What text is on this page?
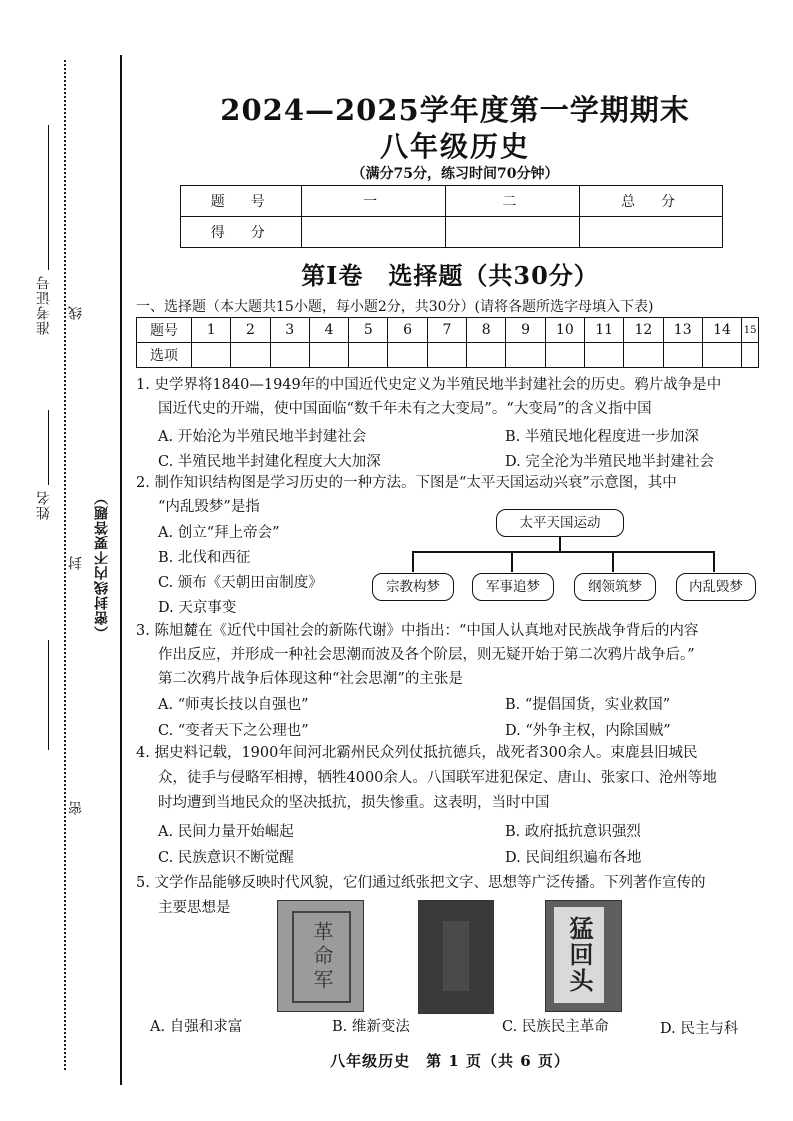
准考证号 线
姓名
封 （密封线内不要答题）
密
2024—2025学年度第一学期期末
八年级历史
（满分75分，练习时间70分钟）
题　号	一	二	总　分
得　分			
第Ⅰ卷　选择题（共30分）
一、选择题（本大题共15小题，每小题2分，共30分）(请将各题所选字母填入下表)
题号	1	2	3	4	5	6	7	8	9	10	11	12	13	14	15
选项															
1. 史学界将1840—1949年的中国近代史定义为半殖民地半封建社会的历史。鸦片战争是中
国近代史的开端，使中国面临“数千年未有之大变局”。“大变局”的含义指中国
A. 开始沦为半殖民地半封建社会	B. 半殖民地化程度进一步加深
C. 半殖民地半封建化程度大大加深	D. 完全沦为半殖民地半封建社会
2. 制作知识结构图是学习历史的一种方法。下图是“太平天国运动兴衰”示意图，其中
“内乱毁梦”是指
A. 创立“拜上帝会”
B. 北伐和西征
C. 颁布《天朝田亩制度》
D. 天京事变
太平天国运动
宗教构梦	军事追梦	纲领筑梦	内乱毁梦
3. 陈旭麓在《近代中国社会的新陈代谢》中指出：“中国人认真地对民族战争背后的内容
作出反应，并形成一种社会思潮而波及各个阶层，则无疑开始于第二次鸦片战争后。”
第二次鸦片战争后体现这种“社会思潮”的主张是
A. “师夷长技以自强也”	B. “提倡国货，实业救国”
C. “变者天下之公理也”	D. “外争主权，内除国贼”
4. 据史料记载，1900年间河北霸州民众列仗抵抗德兵，战死者300余人。束鹿县旧城民
众，徒手与侵略军相搏，牺牲4000余人。八国联军进犯保定、唐山、张家口、沧州等地
时均遭到当地民众的坚决抵抗，损失惨重。这表明，当时中国
A. 民间力量开始崛起	B. 政府抵抗意识强烈
C. 民族意识不断觉醒	D. 民间组织遍布各地
5. 文学作品能够反映时代风貌，它们通过纸张把文字、思想等广泛传播。下列著作宣传的
主要思想是
革命军	猛回头
A. 自强和求富	B. 维新变法	C. 民族民主革命	D. 民主与科
八年级历史　第 1 页（共 6 页）
